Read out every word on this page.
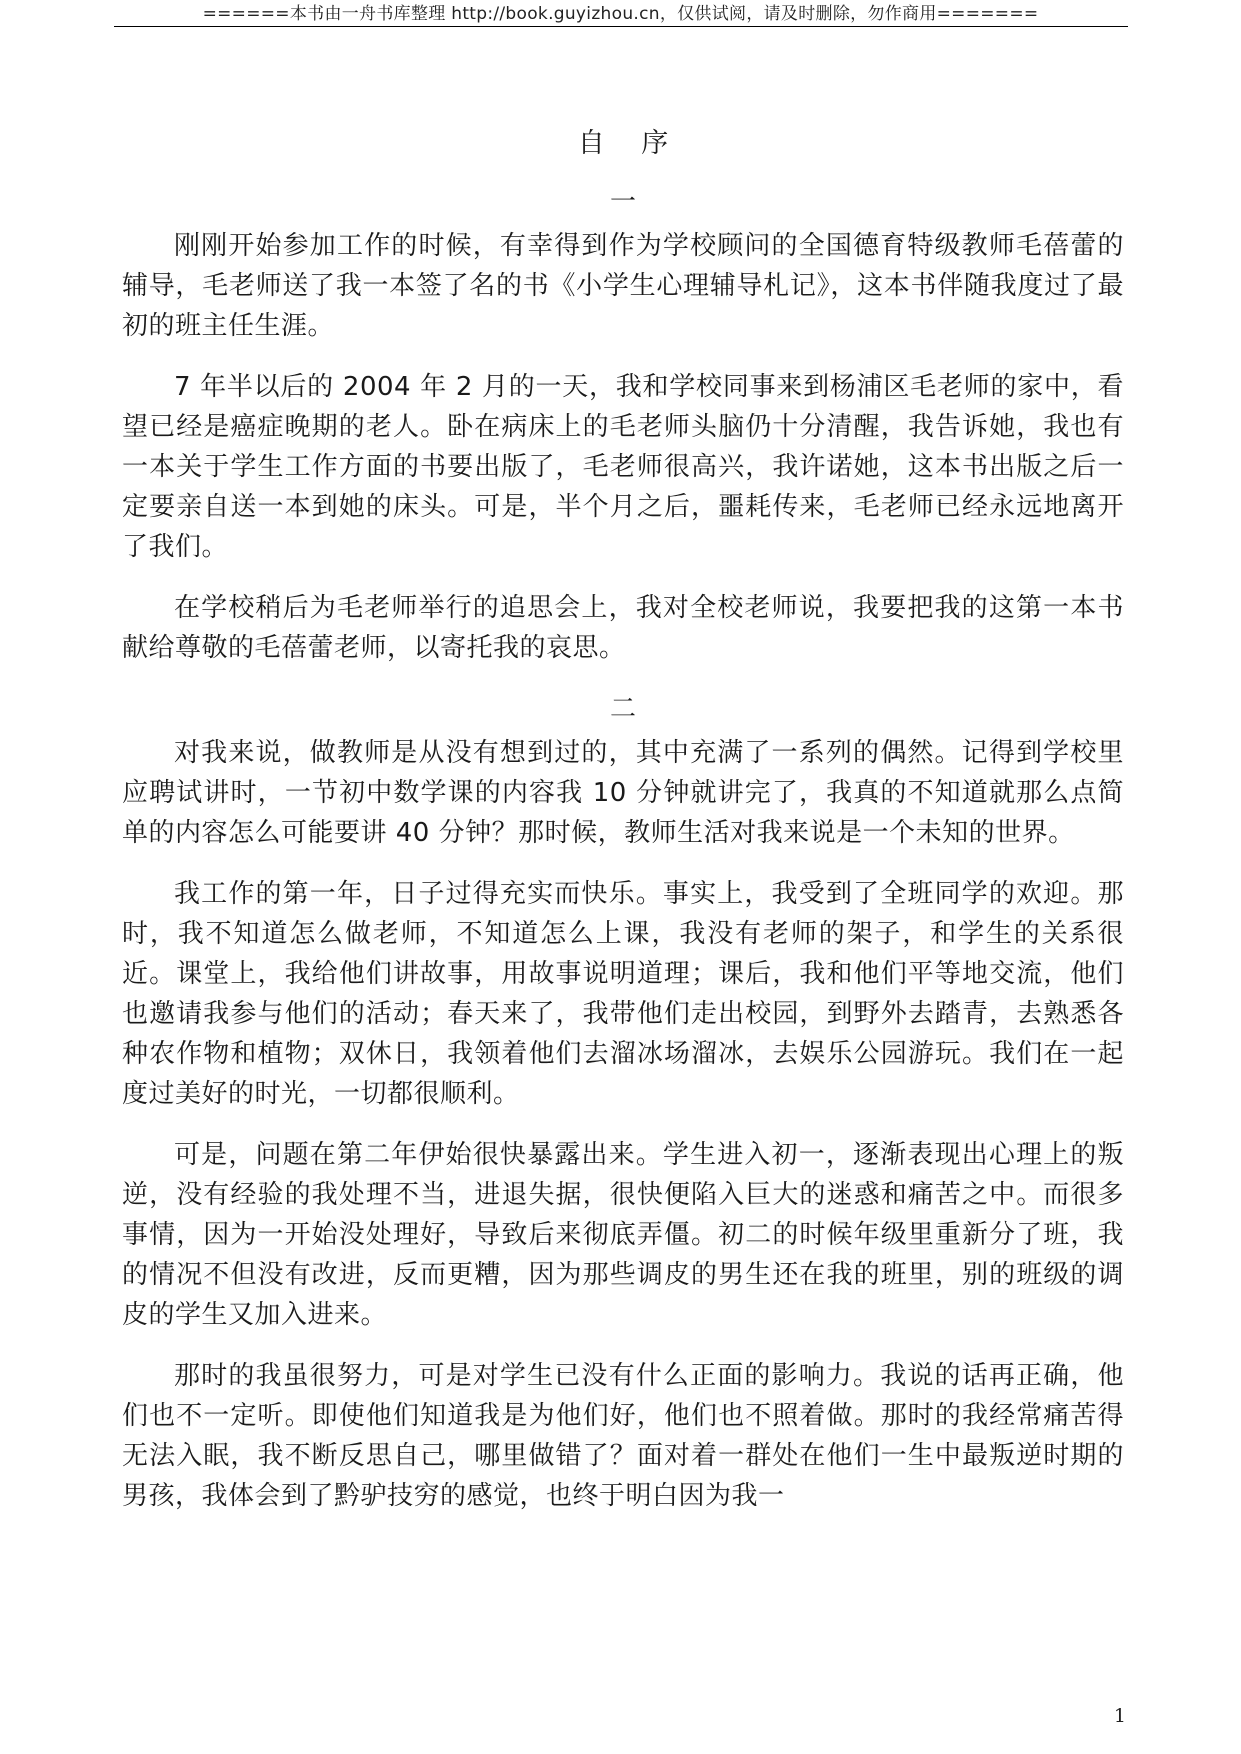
======本书由一舟书库整理 http://book.guyizhou.cn，仅供试阅，请及时删除，勿作商用=======
自 序
一

刚刚开始参加工作的时候，有幸得到作为学校顾问的全国德育特级教师毛蓓蕾的辅导，毛老师送了我一本签了名的书《小学生心理辅导札记》，这本书伴随我度过了最初的班主任生涯。

7 年半以后的 2004 年 2 月的一天，我和学校同事来到杨浦区毛老师的家中，看望已经是癌症晚期的老人。卧在病床上的毛老师头脑仍十分清醒，我告诉她，我也有一本关于学生工作方面的书要出版了，毛老师很高兴，我许诺她，这本书出版之后一定要亲自送一本到她的床头。可是，半个月之后，噩耗传来，毛老师已经永远地离开了我们。

在学校稍后为毛老师举行的追思会上，我对全校老师说，我要把我的这第一本书献给尊敬的毛蓓蕾老师，以寄托我的哀思。

二

对我来说，做教师是从没有想到过的，其中充满了一系列的偶然。记得到学校里应聘试讲时，一节初中数学课的内容我 10 分钟就讲完了，我真的不知道就那么点简单的内容怎么可能要讲 40 分钟？那时候，教师生活对我来说是一个未知的世界。

我工作的第一年，日子过得充实而快乐。事实上，我受到了全班同学的欢迎。那时，我不知道怎么做老师，不知道怎么上课，我没有老师的架子，和学生的关系很近。课堂上，我给他们讲故事，用故事说明道理；课后，我和他们平等地交流，他们也邀请我参与他们的活动；春天来了，我带他们走出校园，到野外去踏青，去熟悉各种农作物和植物；双休日，我领着他们去溜冰场溜冰，去娱乐公园游玩。我们在一起度过美好的时光，一切都很顺利。

可是，问题在第二年伊始很快暴露出来。学生进入初一，逐渐表现出心理上的叛逆，没有经验的我处理不当，进退失据，很快便陷入巨大的迷惑和痛苦之中。而很多事情，因为一开始没处理好，导致后来彻底弄僵。初二的时候年级里重新分了班，我的情况不但没有改进，反而更糟，因为那些调皮的男生还在我的班里，别的班级的调皮的学生又加入进来。

那时的我虽很努力，可是对学生已没有什么正面的影响力。我说的话再正确，他们也不一定听。即使他们知道我是为他们好，他们也不照着做。那时的我经常痛苦得无法入眠，我不断反思自己，哪里做错了？面对着一群处在他们一生中最叛逆时期的男孩，我体会到了黔驴技穷的感觉，也终于明白因为我一

1
